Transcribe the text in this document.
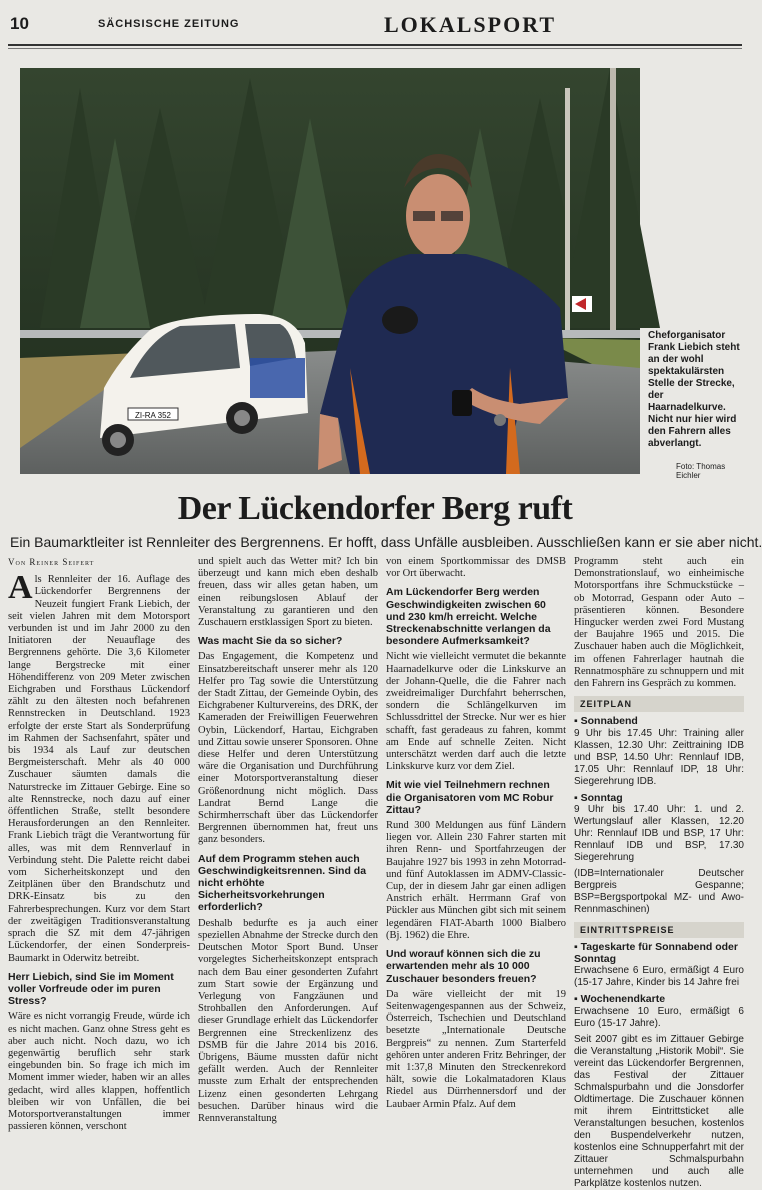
10	SÄCHSISCHE ZEITUNG	LOKALSPORT
ZI-RA 352
Cheforganisator Frank Liebich steht an der wohl spektakulärsten Stelle der Strecke, der Haarnadelkurve. Nicht nur hier wird den Fahrern alles abverlangt.
Foto: Thomas Eichler
Der Lückendorfer Berg ruft
Ein Baumarktleiter ist Rennleiter des Bergrennens. Er hofft, dass Unfälle ausbleiben. Ausschließen kann er sie aber nicht.
Von Reiner Seifert

Als Rennleiter der 16. Auflage des Lückendorfer Bergrennens der Neuzeit fungiert Frank Liebich, der seit vielen Jahren mit dem Motorsport verbunden ist und im Jahr 2000 zu den Initiatoren der Neuauflage des Bergrennens gehörte. Die 3,6 Kilometer lange Bergstrecke mit einer Höhendifferenz von 209 Meter zwischen Eichgraben und Forsthaus Lückendorf zählt zu den ältesten noch befahrenen Rennstrecken in Deutschland. 1923 erfolgte der erste Start als Sonderprüfung im Rahmen der Sachsenfahrt, später und bis 1934 als Lauf zur deutschen Bergmeisterschaft. Mehr als 40 000 Zuschauer säumten damals die Naturstrecke im Zittauer Gebirge. Eine so alte Rennstrecke, noch dazu auf einer öffentlichen Straße, stellt besondere Herausforderungen an den Rennleiter. Frank Liebich trägt die Verantwortung für alles, was mit dem Rennverlauf in Verbindung steht. Die Palette reicht dabei vom Sicherheitskonzept und den Zeitplänen über den Brandschutz und DRK-Einsatz bis zu den Fahrerbesprechungen. Kurz vor dem Start der zweitägigen Traditionsveranstaltung sprach die SZ mit dem 47-jährigen Lückendorfer, der einen Sonderpreis-Baumarkt in Oderwitz betreibt.

Herr Liebich, sind Sie im Moment voller Vorfreude oder im puren Stress?

Wäre es nicht vorrangig Freude, würde ich es nicht machen. Ganz ohne Stress geht es aber auch nicht. Noch dazu, wo ich gegenwärtig beruflich sehr stark eingebunden bin. So frage ich mich im Moment immer wieder, haben wir an alles gedacht, wird alles klappen, hoffentlich bleiben wir von Unfällen, die bei Motorsportveranstaltungen immer passieren können, verschont

und spielt auch das Wetter mit? Ich bin überzeugt und kann mich eben deshalb freuen, dass wir alles getan haben, um einen reibungslosen Ablauf der Veranstaltung zu garantieren und den Zuschauern erstklassigen Sport zu bieten.

Was macht Sie da so sicher?

Das Engagement, die Kompetenz und Einsatzbereitschaft unserer mehr als 120 Helfer pro Tag sowie die Unterstützung der Stadt Zittau, der Gemeinde Oybin, des Eichgrabener Kulturvereins, des DRK, der Kameraden der Freiwilligen Feuerwehren Oybin, Lückendorf, Hartau, Eichgraben und Zittau sowie unserer Sponsoren. Ohne diese Helfer und deren Unterstützung wäre die Organisation und Durchführung einer Motorsportveranstaltung dieser Größenordnung nicht möglich. Dass Landrat Bernd Lange die Schirmherrschaft über das Lückendorfer Bergrennen übernommen hat, freut uns ganz besonders.

Auf dem Programm stehen auch Geschwindigkeitsrennen. Sind da nicht erhöhte Sicherheitsvorkehrungen erforderlich?

Deshalb bedurfte es ja auch einer speziellen Abnahme der Strecke durch den Deutschen Motor Sport Bund. Unser vorgelegtes Sicherheitskonzept entsprach nach dem Bau einer gesonderten Zufahrt zum Start sowie der Ergänzung und Verlegung von Fangzäunen und Strohballen den Anforderungen. Auf dieser Grundlage erhielt das Lückendorfer Bergrennen eine Streckenlizenz des DSMB für die Jahre 2014 bis 2016. Übrigens, Bäume mussten dafür nicht gefällt werden. Auch der Rennleiter musste zum Erhalt der entsprechenden Lizenz einen gesonderten Lehrgang besuchen. Darüber hinaus wird die Rennveranstaltung

von einem Sportkommissar des DMSB vor Ort überwacht.

Am Lückendorfer Berg werden Geschwindigkeiten zwischen 60 und 230 km/h erreicht. Welche Streckenabschnitte verlangen da besondere Aufmerksamkeit?

Nicht wie vielleicht vermutet die bekannte Haarnadelkurve oder die Linkskurve an der Johann-Quelle, die die Fahrer nach zweidreimaliger Durchfahrt beherrschen, sondern die Schlängelkurven im Schlussdrittel der Strecke. Nur wer es hier schafft, fast geradeaus zu fahren, kommt am Ende auf schnelle Zeiten. Nicht unterschätzt werden darf auch die letzte Linkskurve kurz vor dem Ziel.

Mit wie viel Teilnehmern rechnen die Organisatoren vom MC Robur Zittau?

Rund 300 Meldungen aus fünf Ländern liegen vor. Allein 230 Fahrer starten mit ihren Renn- und Sportfahrzeugen der Baujahre 1927 bis 1993 in zehn Motorrad- und fünf Autoklassen im ADMV-Classic-Cup, der in diesem Jahr gar einen adligen Anstrich erhält. Herrmann Graf von Pückler aus München gibt sich mit seinem legendären FIAT-Abarth 1000 Bialbero (Bj. 1962) die Ehre.

Und worauf können sich die zu erwartenden mehr als 10 000 Zuschauer besonders freuen?

Da wäre vielleicht der mit 19 Seitenwagengespannen aus der Schweiz, Österreich, Tschechien und Deutschland besetzte „Internationale Deutsche Bergpreis“ zu nennen. Zum Starterfeld gehören unter anderen Fritz Behringer, der mit 1:37,8 Minuten den Streckenrekord hält, sowie die Lokalmatadoren Klaus Riedel aus Dürrhennersdorf und der Laubaer Armin Pfalz. Auf dem

Programm steht auch ein Demonstrationslauf, wo einheimische Motorsportfans ihre Schmuckstücke – ob Motorrad, Gespann oder Auto – präsentieren können. Besondere Hingucker werden zwei Ford Mustang der Baujahre 1965 und 2015. Die Zuschauer haben auch die Möglichkeit, im offenen Fahrerlager hautnah die Rennatmosphäre zu schnuppern und mit den Fahrern ins Gespräch zu kommen.

ZEITPLAN
▪ Sonnabend

9 Uhr bis 17.45 Uhr: Training aller Klassen, 12.30 Uhr: Zeittraining IDB und BSP, 14.50 Uhr: Rennlauf IDB, 17.05 Uhr: Rennlauf IDP, 18 Uhr: Siegerehrung IDB.

▪ Sonntag

9 Uhr bis 17.40 Uhr: 1. und 2. Wertungslauf aller Klassen, 12.20 Uhr: Rennlauf IDB und BSP, 17 Uhr: Rennlauf IDB und BSP, 17.30 Siegerehrung

(IDB=Internationaler Deutscher Bergpreis Gespanne; BSP=Bergsportpokal MZ- und Awo-Rennmaschinen)

EINTRITTSPREISE
▪ Tageskarte für Sonnabend oder Sonntag

Erwachsene 6 Euro, ermäßigt 4 Euro (15-17 Jahre, Kinder bis 14 Jahre frei

▪ Wochenendkarte

Erwachsene 10 Euro, ermäßigt 6 Euro (15-17 Jahre).

Seit 2007 gibt es im Zittauer Gebirge die Veranstaltung „Historik Mobil“. Sie vereint das Lückendorfer Bergrennen, das Festival der Zittauer Schmalspurbahn und die Jonsdorfer Oldtimertage. Die Zuschauer können mit ihrem Eintrittsticket alle Veranstaltungen besuchen, kostenlos den Buspendelverkehr nutzen, kostenlos eine Schnupperfahrt mit der Zittauer Schmalspurbahn unternehmen und auch alle Parkplätze kostenlos nutzen.
